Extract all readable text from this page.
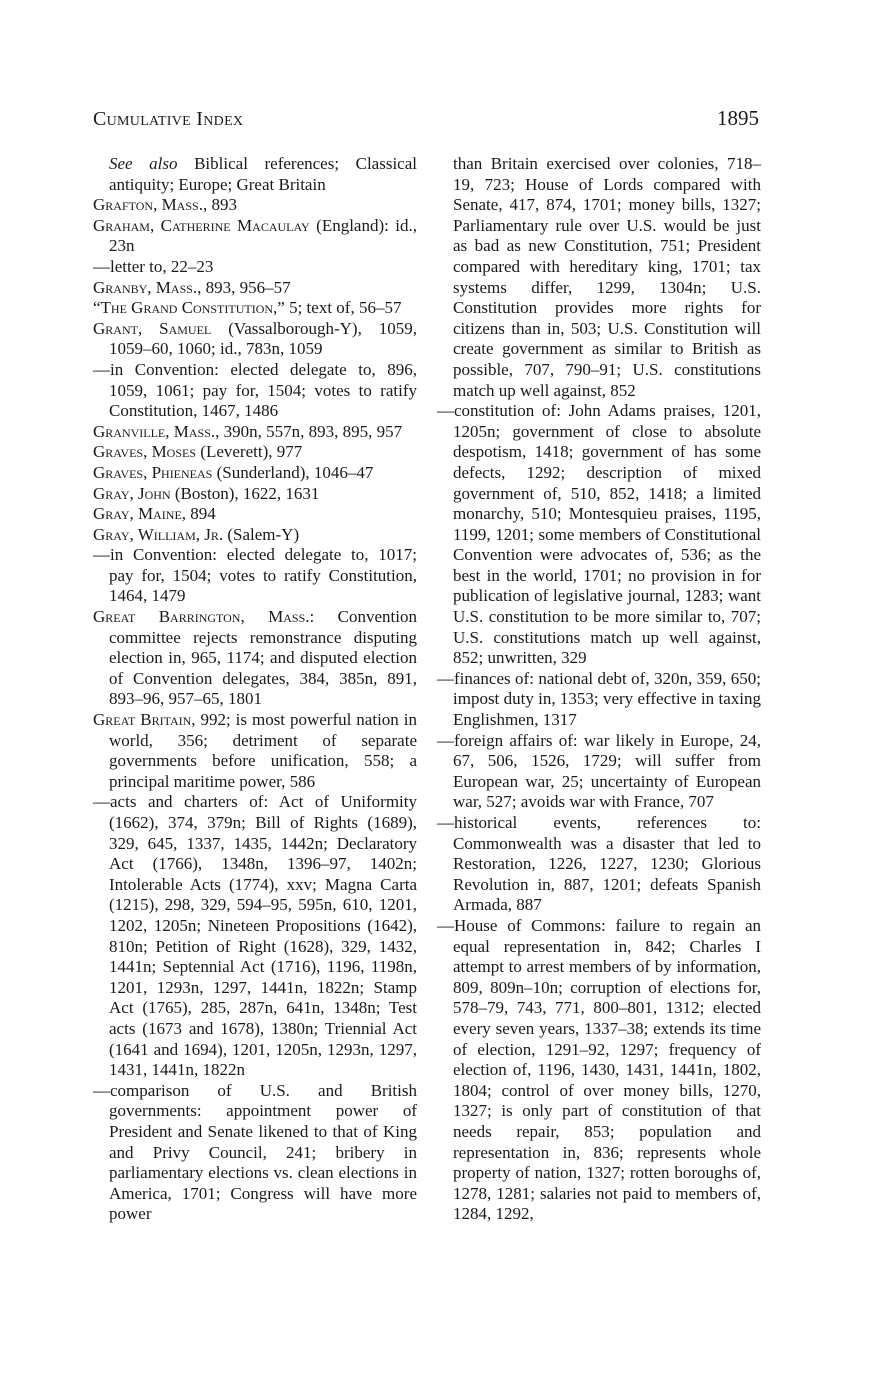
Cumulative Index	1895

See also Biblical references; Classical antiquity; Europe; Great Britain

Grafton, Mass., 893

Graham, Catherine Macaulay (England): id., 23n

—letter to, 22–23

Granby, Mass., 893, 956–57

“The Grand Constitution,” 5; text of, 56–57

Grant, Samuel (Vassalborough-Y), 1059, 1059–60, 1060; id., 783n, 1059

—in Convention: elected delegate to, 896, 1059, 1061; pay for, 1504; votes to ratify Constitution, 1467, 1486

Granville, Mass., 390n, 557n, 893, 895, 957

Graves, Moses (Leverett), 977

Graves, Phieneas (Sunderland), 1046–47

Gray, John (Boston), 1622, 1631

Gray, Maine, 894

Gray, William, Jr. (Salem-Y)

—in Convention: elected delegate to, 1017; pay for, 1504; votes to ratify Constitution, 1464, 1479

Great Barrington, Mass.: Convention committee rejects remonstrance disputing election in, 965, 1174; and disputed election of Convention delegates, 384, 385n, 891, 893–96, 957–65, 1801

Great Britain, 992; is most powerful nation in world, 356; detriment of separate governments before unification, 558; a principal maritime power, 586

—acts and charters of: Act of Uniformity (1662), 374, 379n; Bill of Rights (1689), 329, 645, 1337, 1435, 1442n; Declaratory Act (1766), 1348n, 1396–97, 1402n; Intolerable Acts (1774), xxv; Magna Carta (1215), 298, 329, 594–95, 595n, 610, 1201, 1202, 1205n; Nineteen Propositions (1642), 810n; Petition of Right (1628), 329, 1432, 1441n; Septennial Act (1716), 1196, 1198n, 1201, 1293n, 1297, 1441n, 1822n; Stamp Act (1765), 285, 287n, 641n, 1348n; Test acts (1673 and 1678), 1380n; Triennial Act (1641 and 1694), 1201, 1205n, 1293n, 1297, 1431, 1441n, 1822n

—comparison of U.S. and British governments: appointment power of President and Senate likened to that of King and Privy Council, 241; bribery in parliamentary elections vs. clean elections in America, 1701; Congress will have more power

than Britain exercised over colonies, 718–19, 723; House of Lords compared with Senate, 417, 874, 1701; money bills, 1327; Parliamentary rule over U.S. would be just as bad as new Constitution, 751; President compared with hereditary king, 1701; tax systems differ, 1299, 1304n; U.S. Constitution provides more rights for citizens than in, 503; U.S. Constitution will create government as similar to British as possible, 707, 790–91; U.S. constitutions match up well against, 852

—constitution of: John Adams praises, 1201, 1205n; government of close to absolute despotism, 1418; government of has some defects, 1292; description of mixed government of, 510, 852, 1418; a limited monarchy, 510; Montesquieu praises, 1195, 1199, 1201; some members of Constitutional Convention were advocates of, 536; as the best in the world, 1701; no provision in for publication of legislative journal, 1283; want U.S. constitution to be more similar to, 707; U.S. constitutions match up well against, 852; unwritten, 329

—finances of: national debt of, 320n, 359, 650; impost duty in, 1353; very effective in taxing Englishmen, 1317

—foreign affairs of: war likely in Europe, 24, 67, 506, 1526, 1729; will suffer from European war, 25; uncertainty of European war, 527; avoids war with France, 707

—historical events, references to: Commonwealth was a disaster that led to Restoration, 1226, 1227, 1230; Glorious Revolution in, 887, 1201; defeats Spanish Armada, 887

—House of Commons: failure to regain an equal representation in, 842; Charles I attempt to arrest members of by information, 809, 809n–10n; corruption of elections for, 578–79, 743, 771, 800–801, 1312; elected every seven years, 1337–38; extends its time of election, 1291–92, 1297; frequency of election of, 1196, 1430, 1431, 1441n, 1802, 1804; control of over money bills, 1270, 1327; is only part of constitution of that needs repair, 853; population and representation in, 836; represents whole property of nation, 1327; rotten boroughs of, 1278, 1281; salaries not paid to members of, 1284, 1292,
